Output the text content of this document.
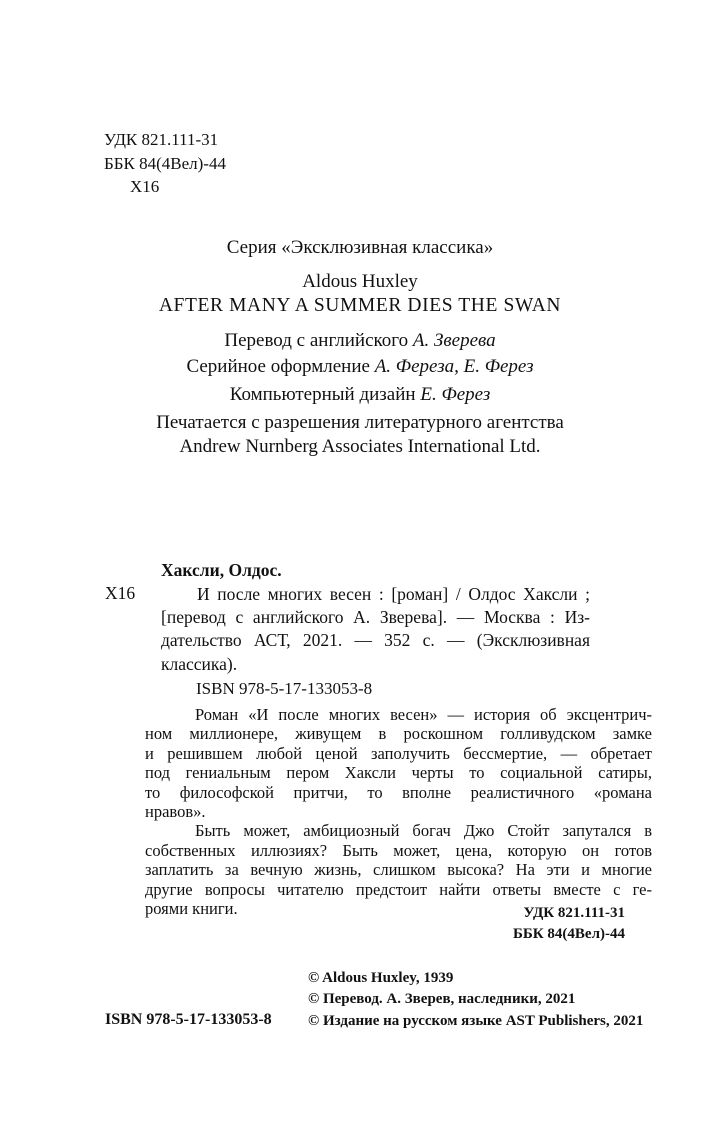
УДК 821.111-31
ББК 84(4Вел)-44
Х16
Серия «Эксклюзивная классика»
Aldous Huxley
AFTER MANY A SUMMER DIES THE SWAN
Перевод с английского А. Зверева
Серийное оформление А. Фереза, Е. Ферез
Компьютерный дизайн Е. Ферез
Печатается с разрешения литературного агентства
Andrew Nurnberg Associates International Ltd.
Хаксли, Олдос.
Х16	И после многих весен : [роман] / Олдос Хаксли ;
[перевод с английского А. Зверева]. — Москва : Из-
дательство АСТ, 2021. — 352 с. — (Эксклюзивная
классика).
ISBN 978-5-17-133053-8
Роман «И после многих весен» — история об эксцентрич-
ном миллионере, живущем в роскошном голливудском замке
и решившем любой ценой заполучить бессмертие, — обретает
под гениальным пером Хаксли черты то социальной сатиры,
то философской притчи, то вполне реалистичного «романа
нравов».
Быть может, амбициозный богач Джо Стойт запутался в
собственных иллюзиях? Быть может, цена, которую он готов
заплатить за вечную жизнь, слишком высока? На эти и многие
другие вопросы читателю предстоит найти ответы вместе с ге-
роями книги.	УДК 821.111-31
ББК 84(4Вел)-44
ISBN 978-5-17-133053-8
© Aldous Huxley, 1939
© Перевод. А. Зверев, наследники, 2021
© Издание на русском языке AST Publishers, 2021
